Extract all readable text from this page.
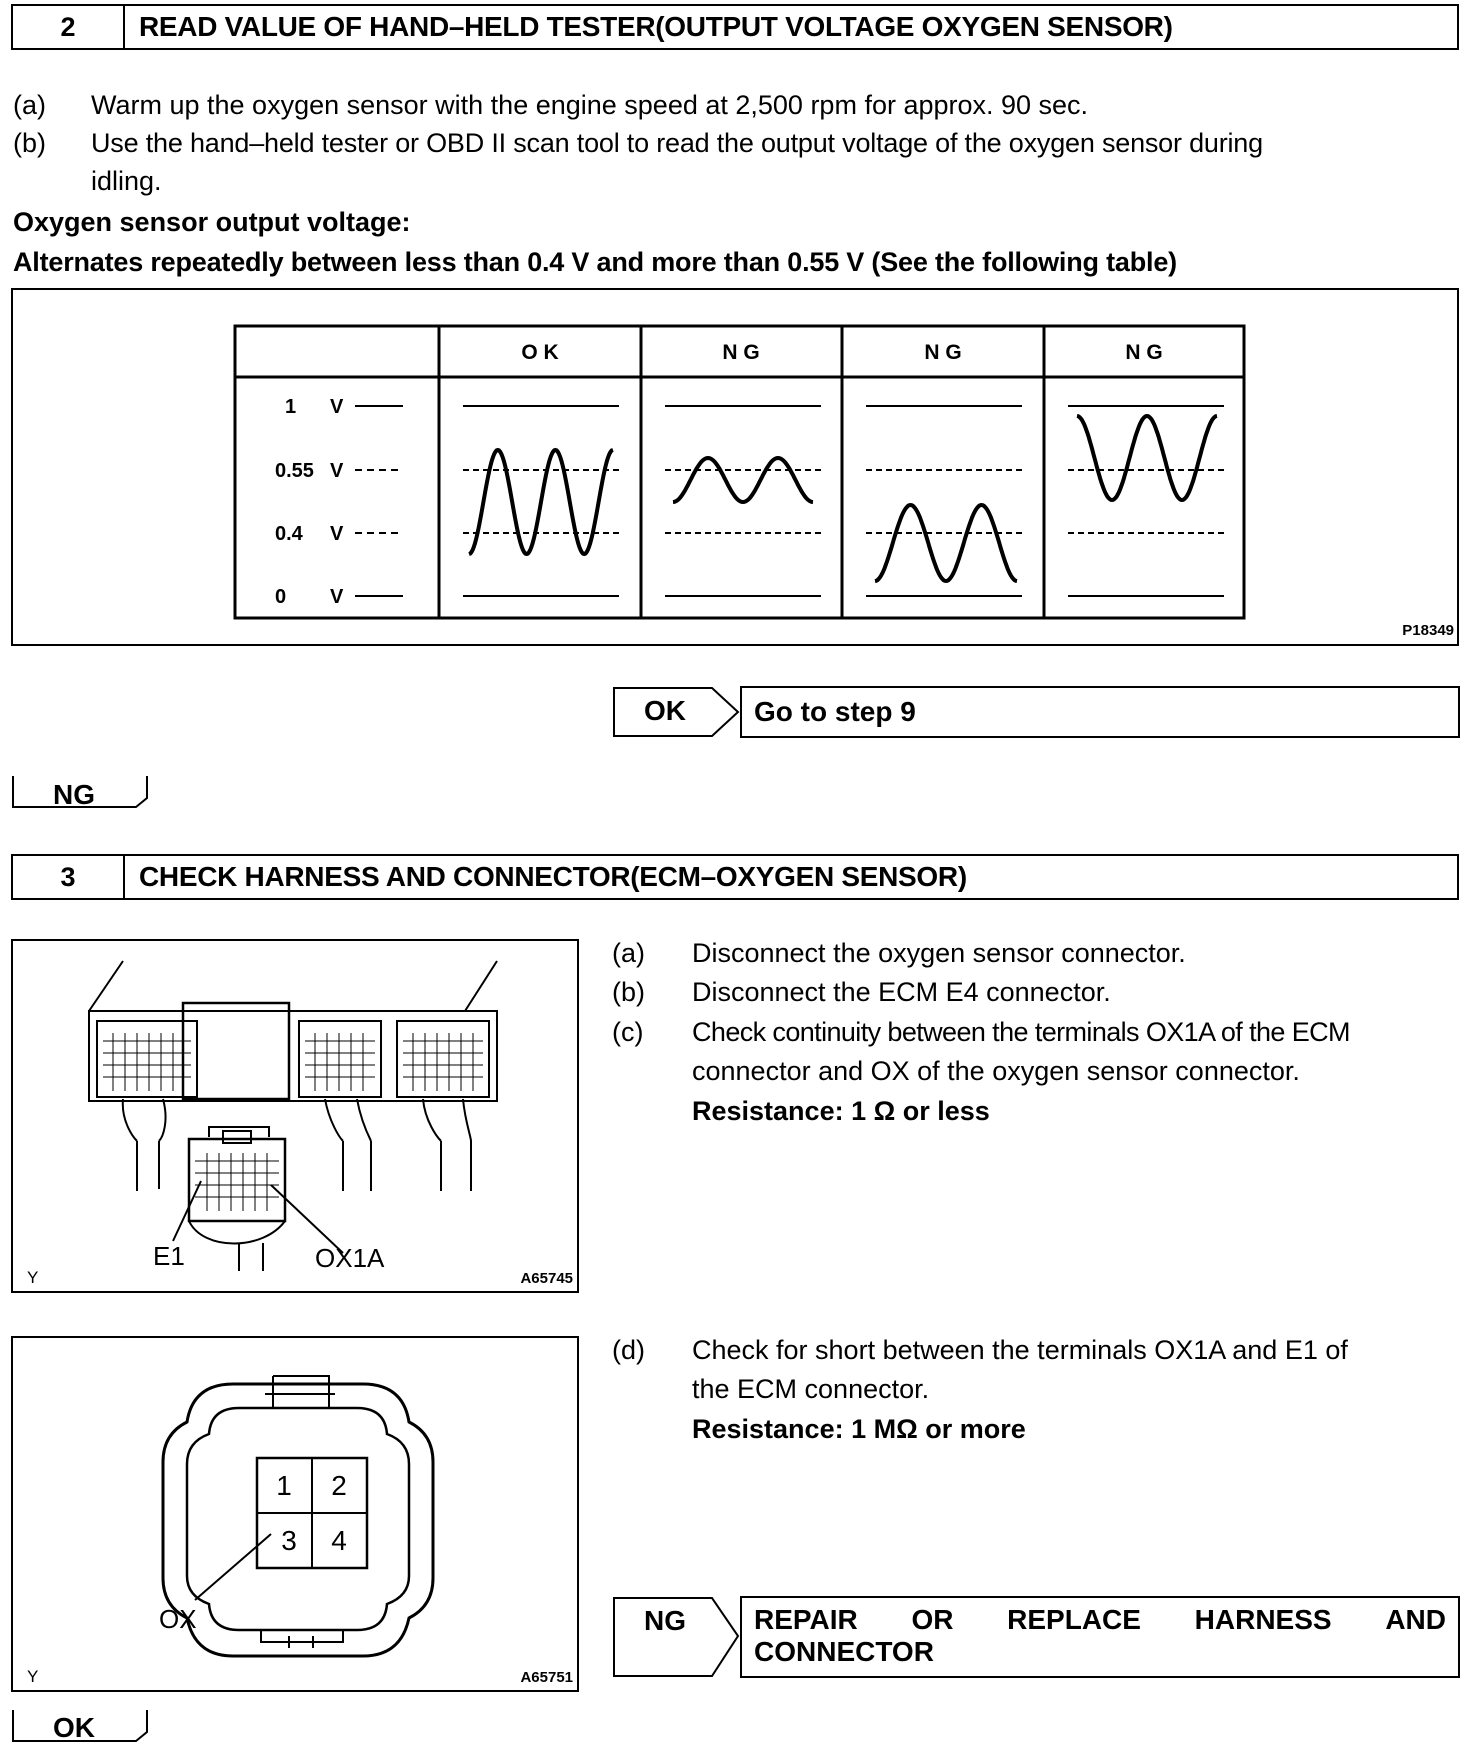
2	READ VALUE OF HAND–HELD TESTER(OUTPUT VOLTAGE OXYGEN SENSOR)
(a) Warm up the oxygen sensor with the engine speed at 2,500 rpm for approx. 90 sec.
(b) Use the hand–held tester or OBD II scan tool to read the output voltage of the oxygen sensor during
idling.
Oxygen sensor output voltage:
Alternates repeatedly between less than 0.4 V and more than 0.55 V (See the following table)
O K	N G	N G	N G
1 V
0.55 V
0.4 V
0 V
P18349
OK Go to step 9
NG
3	CHECK HARNESS AND CONNECTOR(ECM–OXYGEN SENSOR)
E1	OX1A
Y	A65745
(a) Disconnect the oxygen sensor connector.
(b) Disconnect the ECM E4 connector.
(c) Check continuity between the terminals OX1A of the ECM
connector and OX of the oxygen sensor connector.
Resistance: 1 Ω or less
1 2
3 4
OX
Y	A65751
(d) Check for short between the terminals OX1A and E1 of
the ECM connector.
Resistance: 1 MΩ or more
NG REPAIR OR REPLACE HARNESS AND
CONNECTOR
OK
